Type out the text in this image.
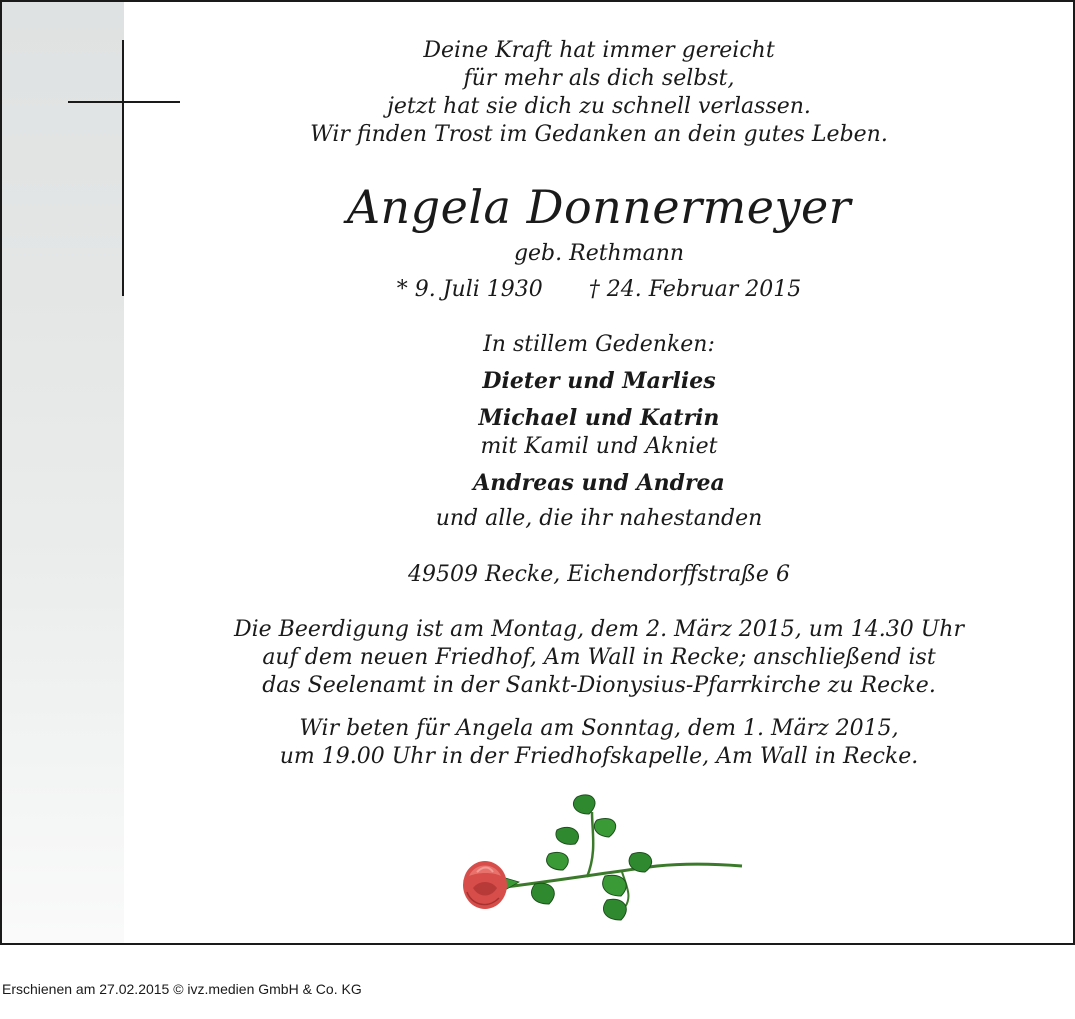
Deine Kraft hat immer gereicht
für mehr als dich selbst,
jetzt hat sie dich zu schnell verlassen.
Wir finden Trost im Gedanken an dein gutes Leben.
Angela Donnermeyer
geb. Rethmann
* 9. Juli 1930 † 24. Februar 2015
In stillem Gedenken:
Dieter und Marlies
Michael und Katrin
mit Kamil und Akniet
Andreas und Andrea
und alle, die ihr nahestanden
49509 Recke, Eichendorffstraße 6
Die Beerdigung ist am Montag, dem 2. März 2015, um 14.30 Uhr
auf dem neuen Friedhof, Am Wall in Recke; anschließend ist
das Seelenamt in der Sankt-Dionysius-Pfarrkirche zu Recke.
Wir beten für Angela am Sonntag, dem 1. März 2015,
um 19.00 Uhr in der Friedhofskapelle, Am Wall in Recke.
Erschienen am 27.02.2015 © ivz.medien GmbH & Co. KG
